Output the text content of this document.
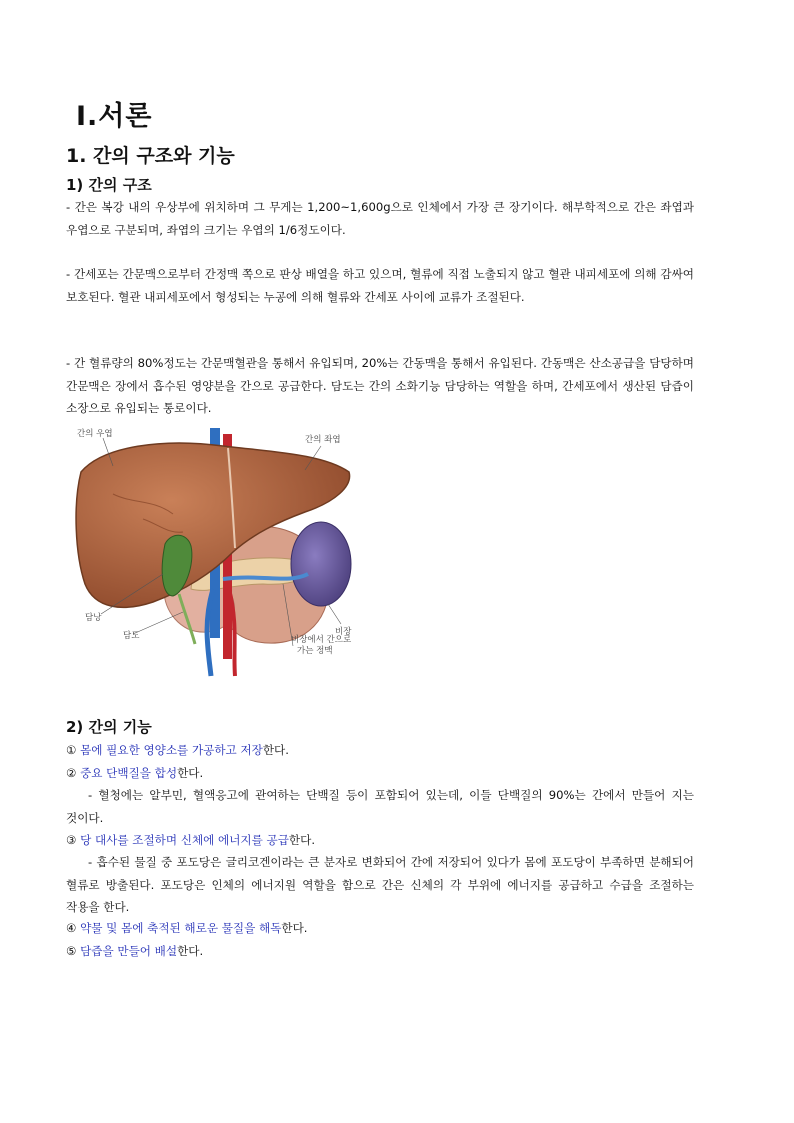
Ⅰ.서론
1. 간의 구조와 기능
1) 간의 구조
- 간은 복강 내의 우상부에 위치하며 그 무게는 1,200~1,600g으로 인체에서 가장 큰 장기이다. 해부학적으로 간은 좌엽과 우엽으로 구분되며, 좌엽의 크기는 우엽의 1/6정도이다.
- 간세포는 간문맥으로부터 간정맥 쪽으로 판상 배열을 하고 있으며, 혈류에 직접 노출되지 않고 혈관 내피세포에 의해 감싸여 보호된다. 혈관 내피세포에서 형성되는 누공에 의해 혈류와 간세포 사이에 교류가 조절된다.
- 간 혈류량의 80%정도는 간문맥혈관을 통해서 유입되며, 20%는 간동맥을 통해서 유입된다. 간동맥은 산소공급을 담당하며 간문맥은 장에서 흡수된 영양분을 간으로 공급한다. 담도는 간의 소화기능 담당하는 역할을 하며, 간세포에서 생산된 담즙이 소장으로 유입되는 통로이다.
간의 우엽
간의 좌엽
담낭
담도	비장
비장에서 간으로
가는 정맥
2) 간의 기능
① 몸에 필요한 영양소를 가공하고 저장한다.
② 중요 단백질을 합성한다.
- 혈청에는 알부민, 혈액응고에 관여하는 단백질 등이 포함되어 있는데, 이들 단백질의 90%는 간에서 만들어 지는 것이다.
③ 당 대사를 조절하며 신체에 에너지를 공급한다.
- 흡수된 물질 중 포도당은 글리코겐이라는 큰 분자로 변화되어 간에 저장되어 있다가 몸에 포도당이 부족하면 분해되어 혈류로 방출된다. 포도당은 인체의 에너지원 역할을 함으로 간은 신체의 각 부위에 에너지를 공급하고 수급을 조절하는 작용을 한다.
④ 약물 및 몸에 축적된 해로운 물질을 해독한다.
⑤ 담즙을 만들어 배설한다.
